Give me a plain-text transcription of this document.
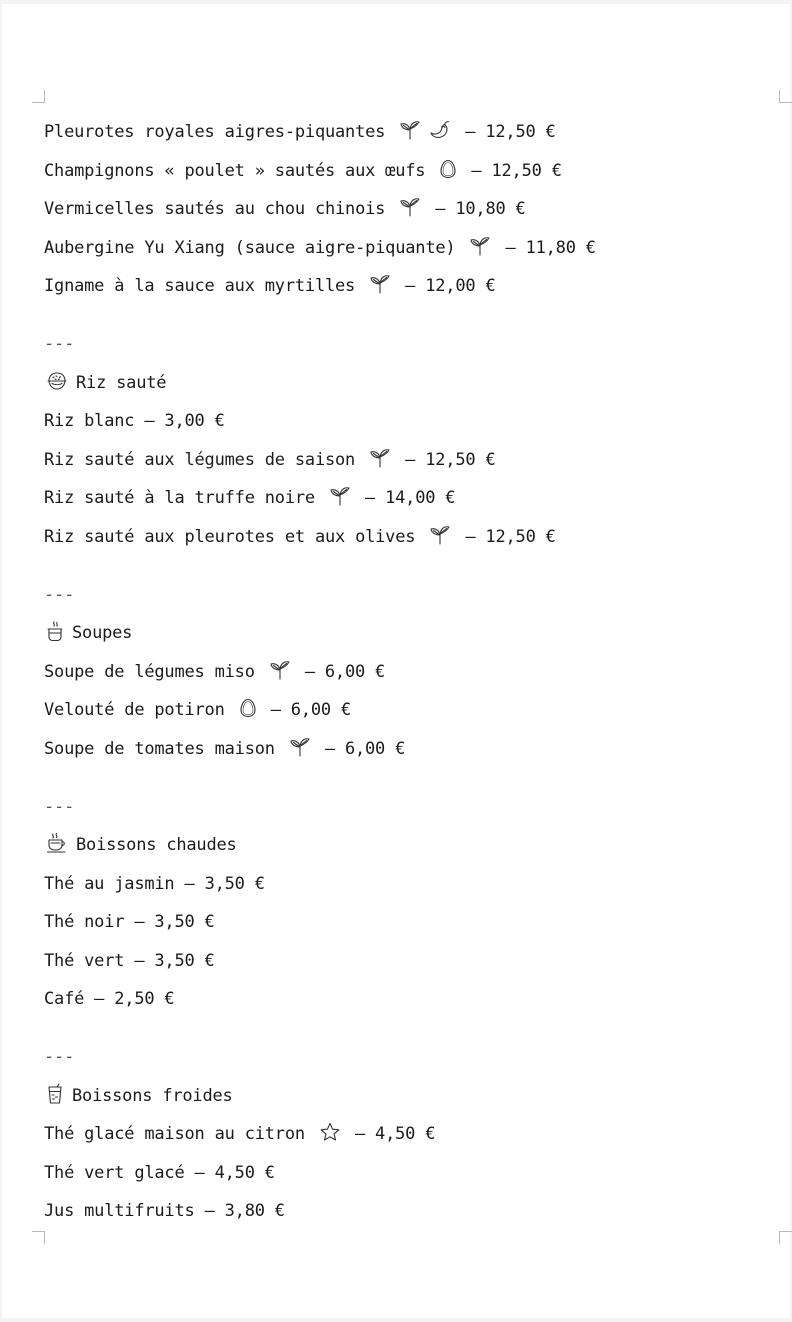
Pleurotes royales aigres-piquantes	– 12,50 €
Champignons « poulet » sautés aux œufs
– 12,50 €
Vermicelles sautés au chou chinois
– 10,80 €
Aubergine Yu Xiang (sauce aigre-piquante)
– 11,80 €
Igname à la sauce aux myrtilles
– 12,00 €
---
Riz sauté
Riz blanc – 3,00 €
Riz sauté aux légumes de saison
– 12,50 €
Riz sauté à la truffe noire
– 14,00 €
Riz sauté aux pleurotes et aux olives
– 12,50 €
---
Soupes
Soupe de légumes miso
– 6,00 €
Velouté de potiron
– 6,00 €
Soupe de tomates maison
– 6,00 €
---
Boissons chaudes
Thé au jasmin – 3,50 €
Thé noir – 3,50 €
Thé vert – 3,50 €
Café – 2,50 €
---
Boissons froides
Thé glacé maison au citron
– 4,50 €
Thé vert glacé – 4,50 €
Jus multifruits – 3,80 €
